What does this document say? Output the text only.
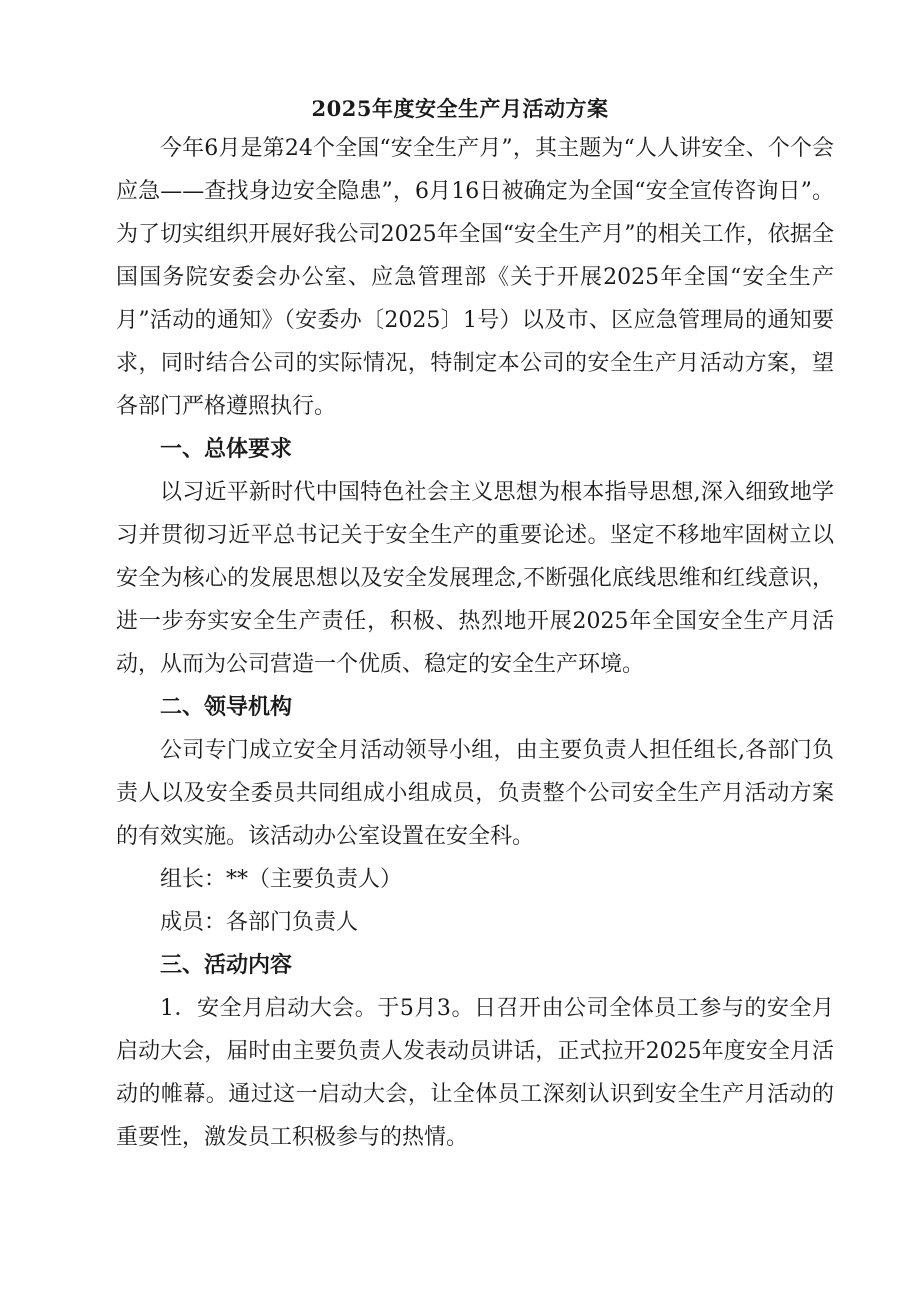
2025年度安全生产月活动方案

今年6月是第24个全国“安全生产月”，其主题为“人人讲安全、个个会应急——查找身边安全隐患”，6月16日被确定为全国“安全宣传咨询日”。为了切实组织开展好我公司2025年全国“安全生产月”的相关工作，依据全国国务院安委会办公室、应急管理部《关于开展2025年全国“安全生产月”活动的通知》（安委办〔2025〕1号）以及市、区应急管理局的通知要求，同时结合公司的实际情况，特制定本公司的安全生产月活动方案，望各部门严格遵照执行。

一、总体要求

以习近平新时代中国特色社会主义思想为根本指导思想,深入细致地学习并贯彻习近平总书记关于安全生产的重要论述。坚定不移地牢固树立以安全为核心的发展思想以及安全发展理念,不断强化底线思维和红线意识，进一步夯实安全生产责任，积极、热烈地开展2025年全国安全生产月活动，从而为公司营造一个优质、稳定的安全生产环境。

二、领导机构

公司专门成立安全月活动领导小组，由主要负责人担任组长,各部门负责人以及安全委员共同组成小组成员，负责整个公司安全生产月活动方案的有效实施。该活动办公室设置在安全科。

组长：**（主要负责人）

成员：各部门负责人

三、活动内容

1．安全月启动大会。于5月3。日召开由公司全体员工参与的安全月启动大会，届时由主要负责人发表动员讲话，正式拉开2025年度安全月活动的帷幕。通过这一启动大会，让全体员工深刻认识到安全生产月活动的重要性，激发员工积极参与的热情。
